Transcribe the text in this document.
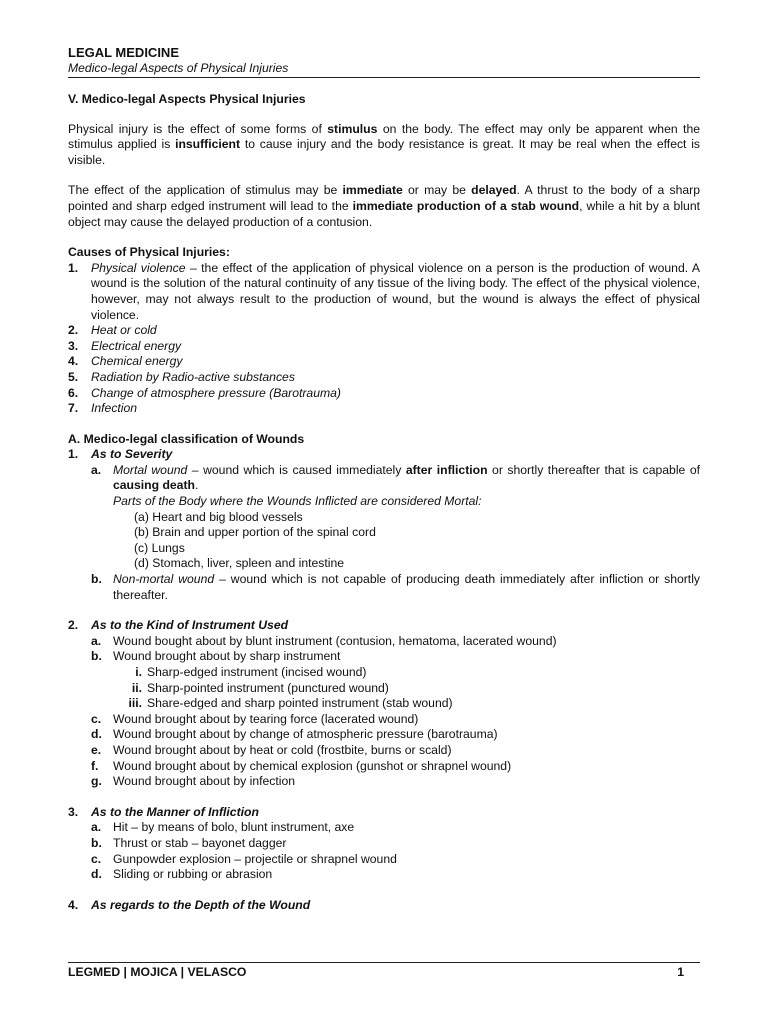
LEGAL MEDICINE
Medico-legal Aspects of Physical Injuries
V. Medico-legal Aspects Physical Injuries

Physical injury is the effect of some forms of stimulus on the body. The effect may only be apparent when the stimulus applied is insufficient to cause injury and the body resistance is great. It may be real when the effect is visible.

The effect of the application of stimulus may be immediate or may be delayed. A thrust to the body of a sharp pointed and sharp edged instrument will lead to the immediate production of a stab wound, while a hit by a blunt object may cause the delayed production of a contusion.

Causes of Physical Injuries:
1. Physical violence – the effect of the application of physical violence on a person is the production of wound. A wound is the solution of the natural continuity of any tissue of the living body. The effect of the physical violence, however, may not always result to the production of wound, but the wound is always the effect of physical violence.
2. Heat or cold
3. Electrical energy
4. Chemical energy
5. Radiation by Radio-active substances
6. Change of atmosphere pressure (Barotrauma)
7. Infection
A. Medico-legal classification of Wounds
1. As to Severity
a. Mortal wound – wound which is caused immediately after infliction or shortly thereafter that is capable of causing death.
Parts of the Body where the Wounds Inflicted are considered Mortal:
(a) Heart and big blood vessels
(b) Brain and upper portion of the spinal cord
(c) Lungs
(d) Stomach, liver, spleen and intestine
b. Non-mortal wound – wound which is not capable of producing death immediately after infliction or shortly thereafter.
2. As to the Kind of Instrument Used
a. Wound bought about by blunt instrument (contusion, hematoma, lacerated wound)
b. Wound brought about by sharp instrument
i. Sharp-edged instrument (incised wound)
ii. Sharp-pointed instrument (punctured wound)
iii. Share-edged and sharp pointed instrument (stab wound)
c. Wound brought about by tearing force (lacerated wound)
d. Wound brought about by change of atmospheric pressure (barotrauma)
e. Wound brought about by heat or cold (frostbite, burns or scald)
f. Wound brought about by chemical explosion (gunshot or shrapnel wound)
g. Wound brought about by infection
3. As to the Manner of Infliction
a. Hit – by means of bolo, blunt instrument, axe
b. Thrust or stab – bayonet dagger
c. Gunpowder explosion – projectile or shrapnel wound
d. Sliding or rubbing or abrasion
4. As regards to the Depth of the Wound
LEGMED | MOJICA | VELASCO	1
